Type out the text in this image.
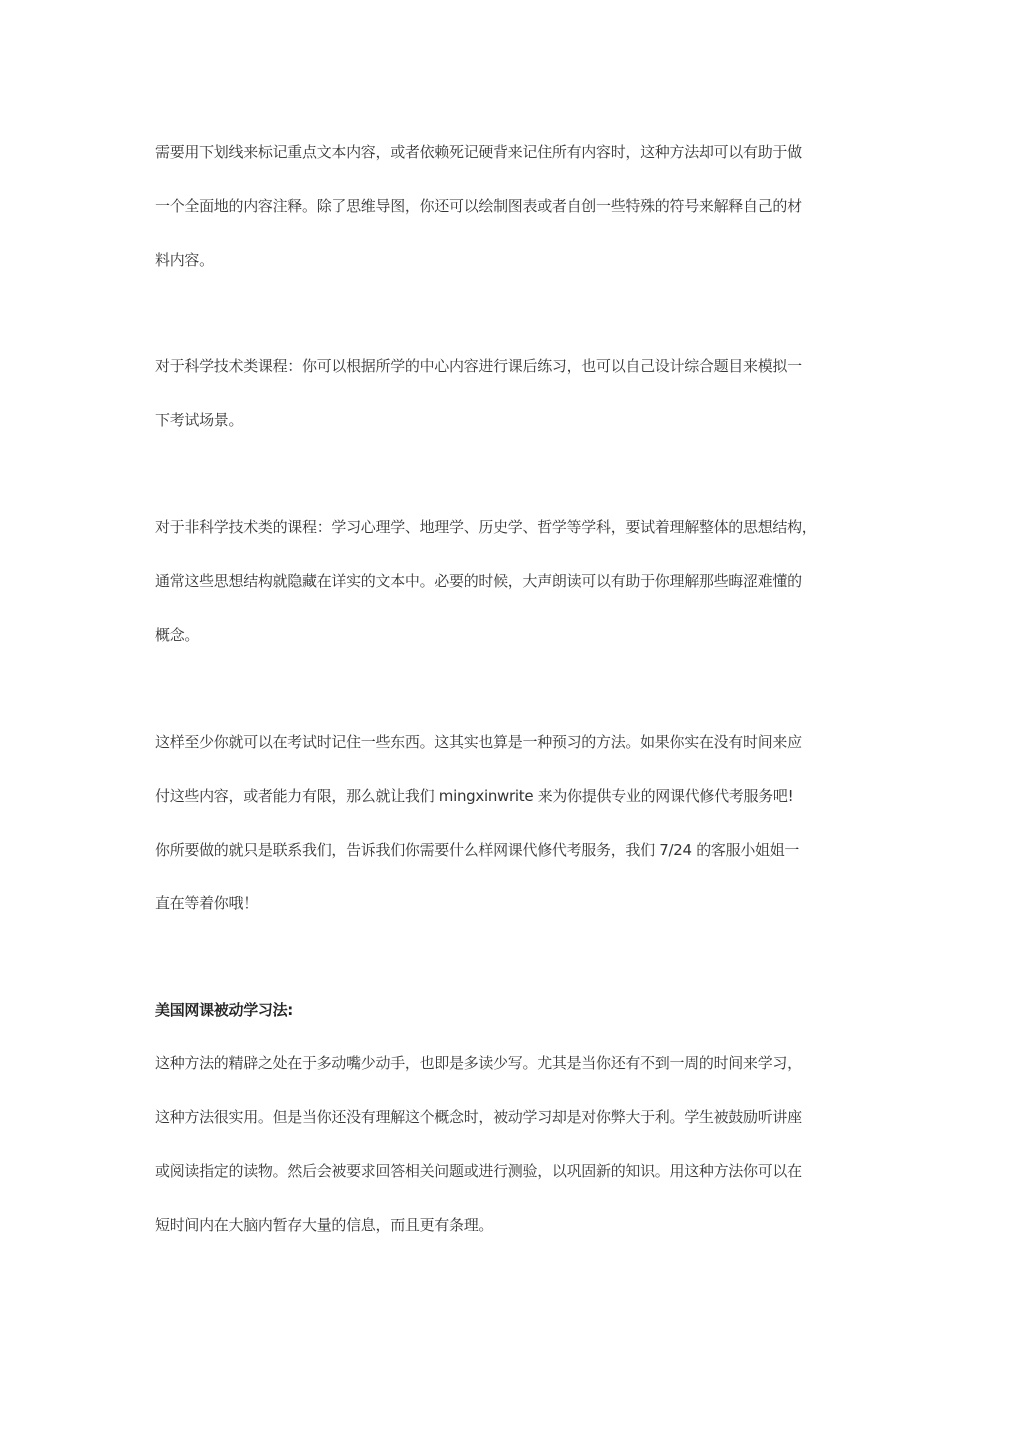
需要用下划线来标记重点文本内容，或者依赖死记硬背来记住所有内容时，这种方法却可以有助于做
一个全面地的内容注释。除了思维导图，你还可以绘制图表或者自创一些特殊的符号来解释自己的材
料内容。
对于科学技术类课程：你可以根据所学的中心内容进行课后练习，也可以自己设计综合题目来模拟一
下考试场景。
对于非科学技术类的课程：学习心理学、地理学、历史学、哲学等学科，要试着理解整体的思想结构，
通常这些思想结构就隐藏在详实的文本中。必要的时候，大声朗读可以有助于你理解那些晦涩难懂的
概念。
这样至少你就可以在考试时记住一些东西。这其实也算是一种预习的方法。如果你实在没有时间来应
付这些内容，或者能力有限，那么就让我们 mingxinwrite 来为你提供专业的网课代修代考服务吧!
你所要做的就只是联系我们，告诉我们你需要什么样网课代修代考服务，我们 7/24 的客服小姐姐一
直在等着你哦！
美国网课被动学习法:
这种方法的精辟之处在于多动嘴少动手，也即是多读少写。尤其是当你还有不到一周的时间来学习，
这种方法很实用。但是当你还没有理解这个概念时，被动学习却是对你弊大于利。学生被鼓励听讲座
或阅读指定的读物。然后会被要求回答相关问题或进行测验，以巩固新的知识。用这种方法你可以在
短时间内在大脑内暂存大量的信息，而且更有条理。
